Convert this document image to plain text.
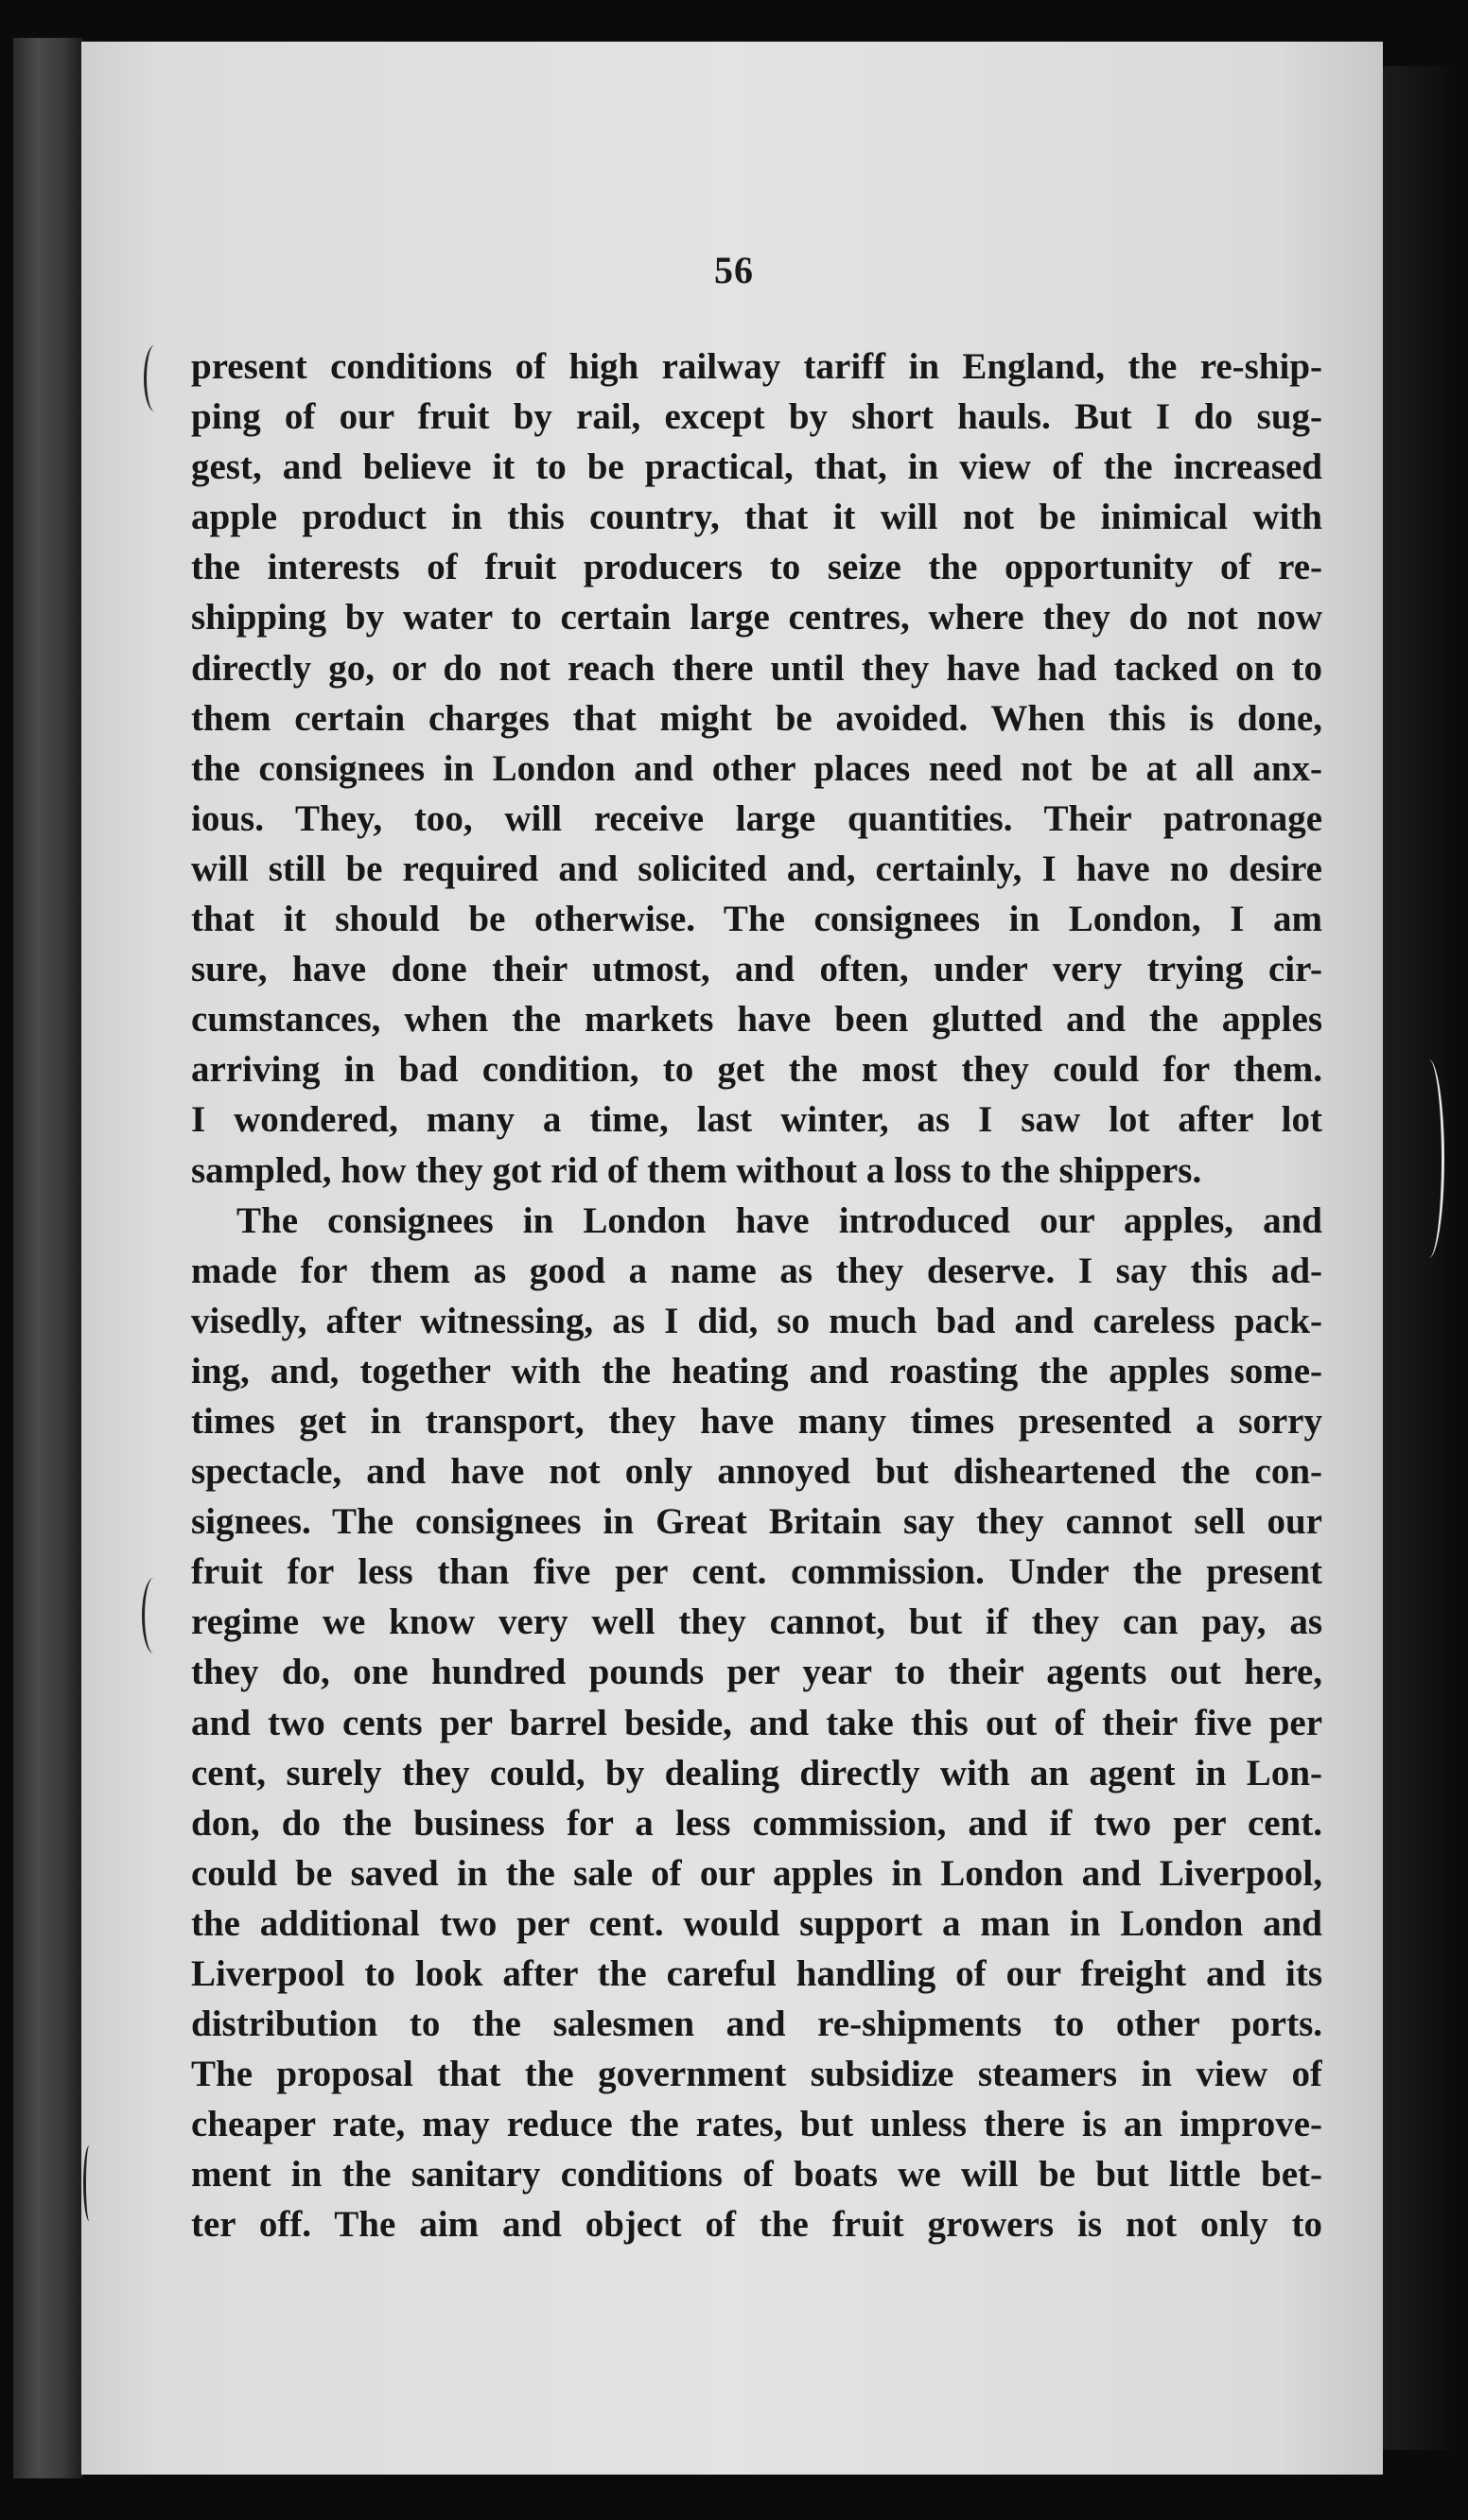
56
present conditions of high railway tariff in England, the re-ship-
ping of our fruit by rail, except by short hauls. But I do sug-
gest, and believe it to be practical, that, in view of the increased
apple product in this country, that it will not be inimical with
the interests of fruit producers to seize the opportunity of re-
shipping by water to certain large centres, where they do not now
directly go, or do not reach there until they have had tacked on to
them certain charges that might be avoided. When this is done,
the consignees in London and other places need not be at all anx-
ious. They, too, will receive large quantities. Their patronage
will still be required and solicited and, certainly, I have no desire
that it should be otherwise. The consignees in London, I am
sure, have done their utmost, and often, under very trying cir-
cumstances, when the markets have been glutted and the apples
arriving in bad condition, to get the most they could for them.
I wondered, many a time, last winter, as I saw lot after lot
sampled, how they got rid of them without a loss to the shippers.
The consignees in London have introduced our apples, and
made for them as good a name as they deserve. I say this ad-
visedly, after witnessing, as I did, so much bad and careless pack-
ing, and, together with the heating and roasting the apples some-
times get in transport, they have many times presented a sorry
spectacle, and have not only annoyed but disheartened the con-
signees. The consignees in Great Britain say they cannot sell our
fruit for less than five per cent. commission. Under the present
regime we know very well they cannot, but if they can pay, as
they do, one hundred pounds per year to their agents out here,
and two cents per barrel beside, and take this out of their five per
cent, surely they could, by dealing directly with an agent in Lon-
don, do the business for a less commission, and if two per cent.
could be saved in the sale of our apples in London and Liverpool,
the additional two per cent. would support a man in London and
Liverpool to look after the careful handling of our freight and its
distribution to the salesmen and re-shipments to other ports.
The proposal that the government subsidize steamers in view of
cheaper rate, may reduce the rates, but unless there is an improve-
ment in the sanitary conditions of boats we will be but little bet-
ter off. The aim and object of the fruit growers is not only to
